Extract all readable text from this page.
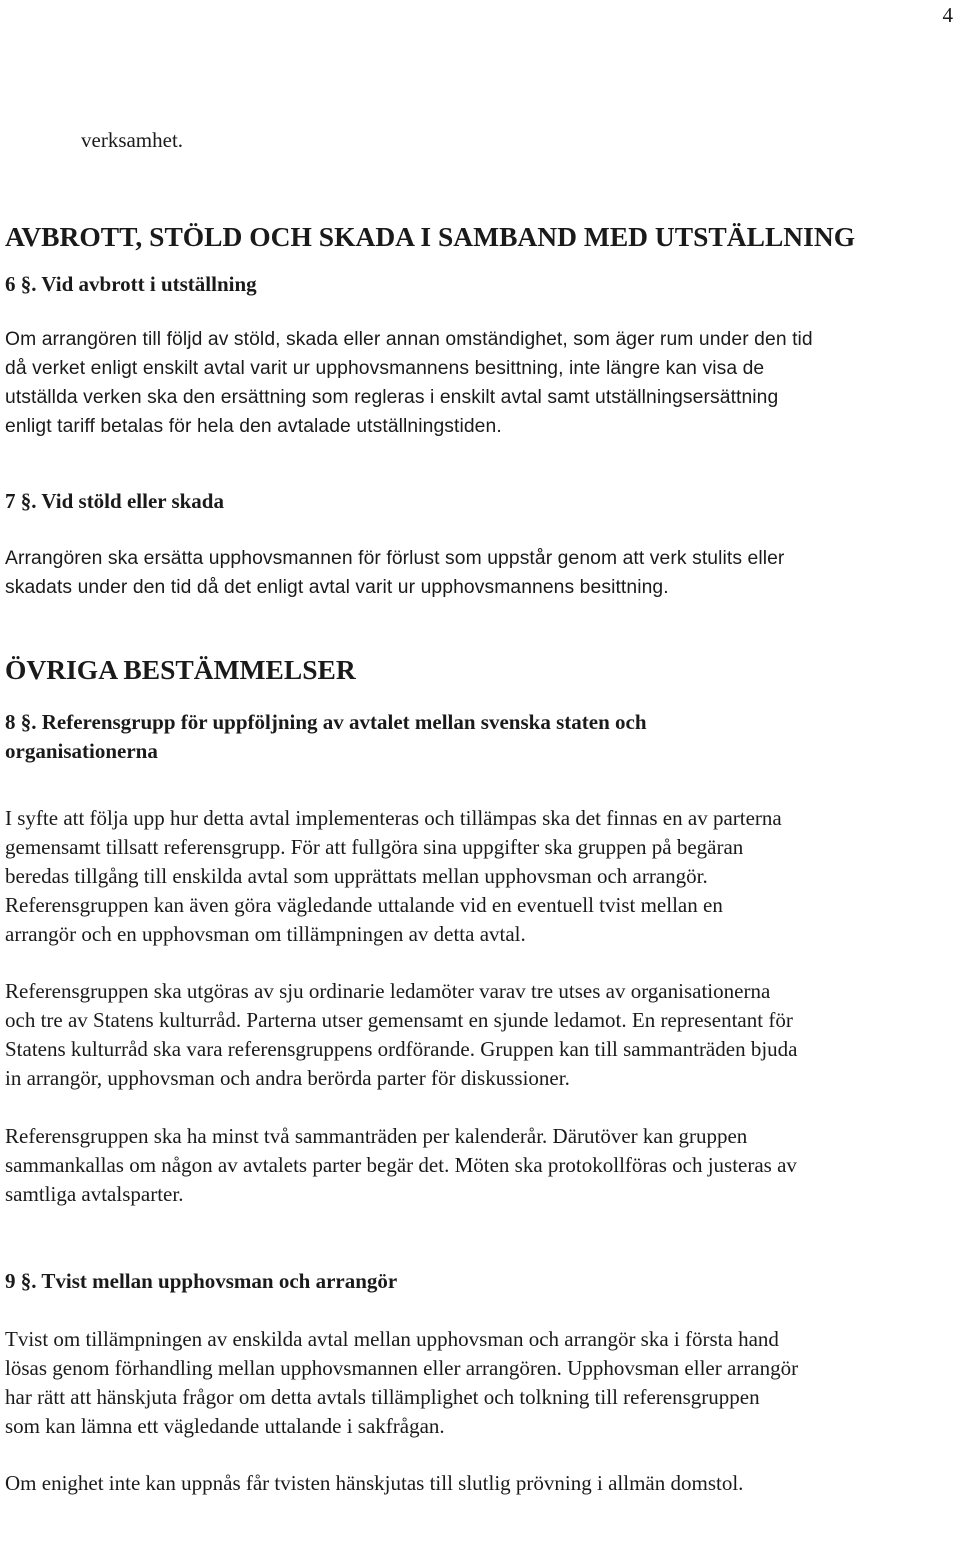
4

verksamhet.

AVBROTT, STÖLD OCH SKADA I SAMBAND MED UTSTÄLLNING
6 §. Vid avbrott i utställning

Om arrangören till följd av stöld, skada eller annan omständighet, som äger rum under den tid
då verket enligt enskilt avtal varit ur upphovsmannens besittning, inte längre kan visa de
utställda verken ska den ersättning som regleras i enskilt avtal samt utställningsersättning
enligt tariff betalas för hela den avtalade utställningstiden.

7 §. Vid stöld eller skada

Arrangören ska ersätta upphovsmannen för förlust som uppstår genom att verk stulits eller
skadats under den tid då det enligt avtal varit ur upphovsmannens besittning.

ÖVRIGA BESTÄMMELSER
8 §. Referensgrupp för uppföljning av avtalet mellan svenska staten och
organisationerna

I syfte att följa upp hur detta avtal implementeras och tillämpas ska det finnas en av parterna
gemensamt tillsatt referensgrupp. För att fullgöra sina uppgifter ska gruppen på begäran
beredas tillgång till enskilda avtal som upprättats mellan upphovsman och arrangör.
Referensgruppen kan även göra vägledande uttalande vid en eventuell tvist mellan en
arrangör och en upphovsman om tillämpningen av detta avtal.

Referensgruppen ska utgöras av sju ordinarie ledamöter varav tre utses av organisationerna
och tre av Statens kulturråd. Parterna utser gemensamt en sjunde ledamot. En representant för
Statens kulturråd ska vara referensgruppens ordförande. Gruppen kan till sammanträden bjuda
in arrangör, upphovsman och andra berörda parter för diskussioner.

Referensgruppen ska ha minst två sammanträden per kalenderår. Därutöver kan gruppen
sammankallas om någon av avtalets parter begär det. Möten ska protokollföras och justeras av
samtliga avtalsparter.

9 §. Tvist mellan upphovsman och arrangör

Tvist om tillämpningen av enskilda avtal mellan upphovsman och arrangör ska i första hand
lösas genom förhandling mellan upphovsmannen eller arrangören. Upphovsman eller arrangör
har rätt att hänskjuta frågor om detta avtals tillämplighet och tolkning till referensgruppen
som kan lämna ett vägledande uttalande i sakfrågan.

Om enighet inte kan uppnås får tvisten hänskjutas till slutlig prövning i allmän domstol.
